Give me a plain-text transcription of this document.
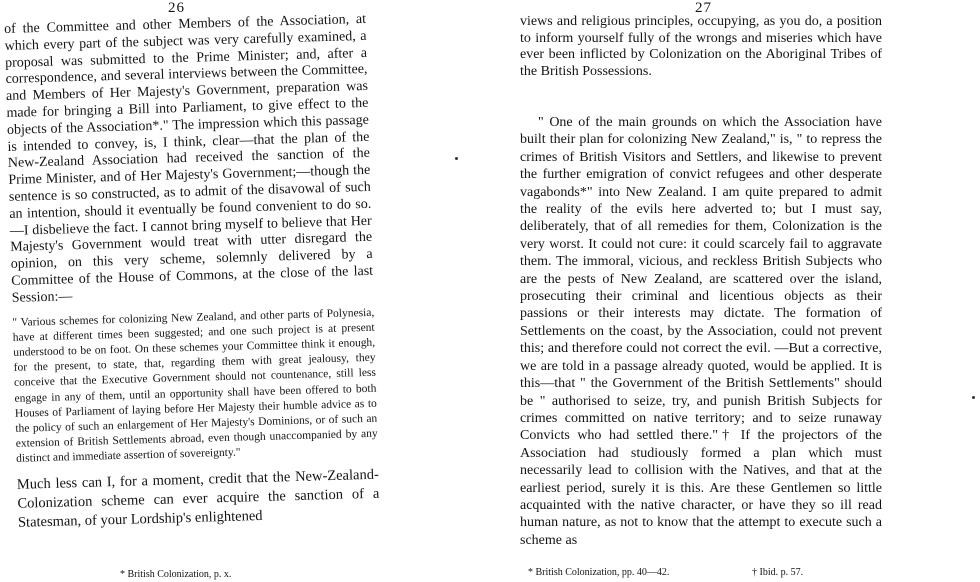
26

of the Committee and other Members of the Association, at which every part of the subject was very carefully examined, a proposal was submitted to the Prime Minister; and, after a correspondence, and several interviews between the Committee, and Members of Her Majesty's Government, preparation was made for bringing a Bill into Parliament, to give effect to the objects of the Association*." The impression which this passage is intended to convey, is, I think, clear—that the plan of the New-Zealand Association had received the sanction of the Prime Minister, and of Her Majesty's Government;—though the sentence is so constructed, as to admit of the disavowal of such an intention, should it eventually be found convenient to do so.—I disbelieve the fact. I cannot bring myself to believe that Her Majesty's Government would treat with utter disregard the opinion, on this very scheme, solemnly delivered by a Committee of the House of Commons, at the close of the last Session:—

" Various schemes for colonizing New Zealand, and other parts of Polynesia, have at different times been suggested; and one such project is at present understood to be on foot. On these schemes your Committee think it enough, for the present, to state, that, regarding them with great jealousy, they conceive that the Executive Government should not countenance, still less engage in any of them, until an opportunity shall have been offered to both Houses of Parliament of laying before Her Majesty their humble advice as to the policy of such an enlargement of Her Majesty's Dominions, or of such an extension of British Settlements abroad, even though unaccompanied by any distinct and immediate assertion of sovereignty."

Much less can I, for a moment, credit that the New-Zealand-Colonization scheme can ever acquire the sanction of a Statesman, of your Lordship's enlightened

* British Colonization, p. x.
27

views and religious principles, occupying, as you do, a position to inform yourself fully of the wrongs and miseries which have ever been inflicted by Colonization on the Aboriginal Tribes of the British Possessions.

" One of the main grounds on which the Association have built their plan for colonizing New Zealand," is, " to repress the crimes of British Visitors and Settlers, and likewise to prevent the further emigration of convict refugees and other desperate vagabonds*" into New Zealand. I am quite prepared to admit the reality of the evils here adverted to; but I must say, deliberately, that of all remedies for them, Colonization is the very worst. It could not cure: it could scarcely fail to aggravate them. The immoral, vicious, and reckless British Subjects who are the pests of New Zealand, are scattered over the island, prosecuting their criminal and licentious objects as their passions or their interests may dictate. The formation of Settlements on the coast, by the Association, could not prevent this; and therefore could not correct the evil. —But a corrective, we are told in a passage already quoted, would be applied. It is this—that " the Government of the British Settlements" should be " authorised to seize, try, and punish British Subjects for crimes committed on native territory; and to seize runaway Convicts who had settled there."† If the projectors of the Association had studiously formed a plan which must necessarily lead to collision with the Natives, and that at the earliest period, surely it is this. Are these Gentlemen so little acquainted with the native character, or have they so ill read human nature, as not to know that the attempt to execute such a scheme as

* British Colonization, pp. 40—42.	† Ibid. p. 57.
